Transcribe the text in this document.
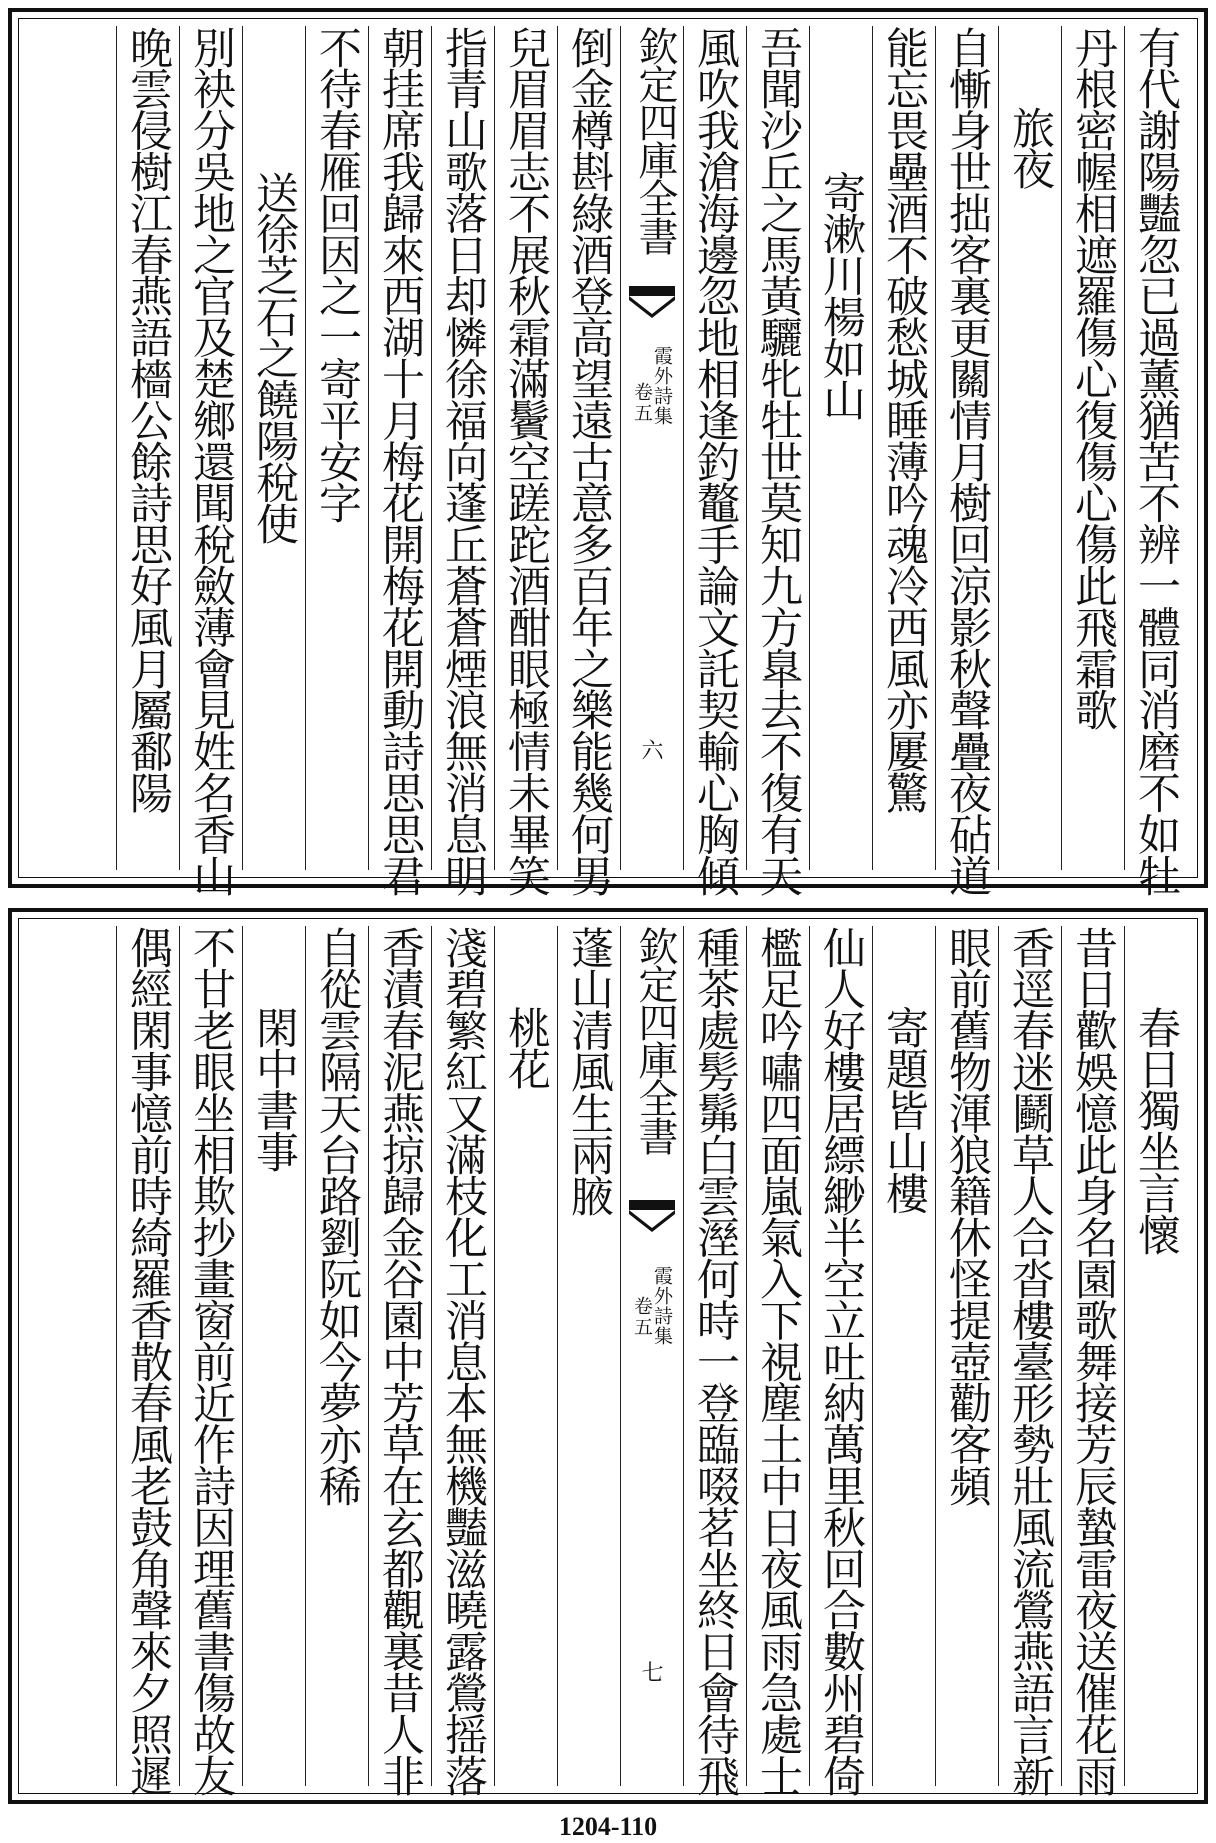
有代謝陽豔忽已過薰猶苦不辨一體同消磨不如牡
丹根密幄相遮羅傷心復傷心傷此飛霜歌
旅夜
自慚身世拙客裏更關情月樹回涼影秋聲疊夜砧道
能忘畏壘酒不破愁城睡薄吟魂冷西風亦屢驚
寄漱川楊如山
吾聞沙丘之馬黃驪牝牡世莫知九方臯去不復有天
風吹我滄海邊忽地相逢釣鼇手論文託契輸心胸傾
欽定四庫全書
霞外詩集
卷五
六
倒金樽斟綠酒登高望遠古意多百年之樂能幾何男
兒眉眉志不展秋霜滿鬢空蹉跎酒酣眼極情未畢笑
指青山歌落日却憐徐福向蓬丘蒼蒼煙浪無消息明
朝挂席我歸來西湖十月梅花開梅花開動詩思思君
不待春雁回因之一寄平安字
送徐芝石之饒陽稅使
別袂分吳地之官及楚鄉還聞稅斂薄會見姓名香山
晚雲侵樹江春燕語檣公餘詩思好風月屬鄱陽
春日獨坐言懷
昔日歡娛憶此身名園歌舞接芳辰蟄雷夜送催花雨
香逕春迷鬬草人合沓樓臺形勢壯風流鶯燕語言新
眼前舊物渾狼籍休怪提壺勸客頻
寄題皆山樓
仙人好樓居縹緲半空立吐納萬里秋回合數州碧倚
檻足吟嘯四面嵐氣入下視塵土中日夜風雨急處士
種茶處髣髴白雲溼何時一登臨啜茗坐終日會待飛
欽定四庫全書
霞外詩集
卷五
七
蓬山清風生兩腋
桃花
淺碧繁紅又滿枝化工消息本無機豔滋曉露鶯摇落
香漬春泥燕掠歸金谷園中芳草在玄都觀裏昔人非
自從雲隔天台路劉阮如今夢亦稀
閑中書事
不甘老眼坐相欺抄畫窗前近作詩因理舊書傷故友
偶經閑事憶前時綺羅香散春風老鼓角聲來夕照遲
1204-110
